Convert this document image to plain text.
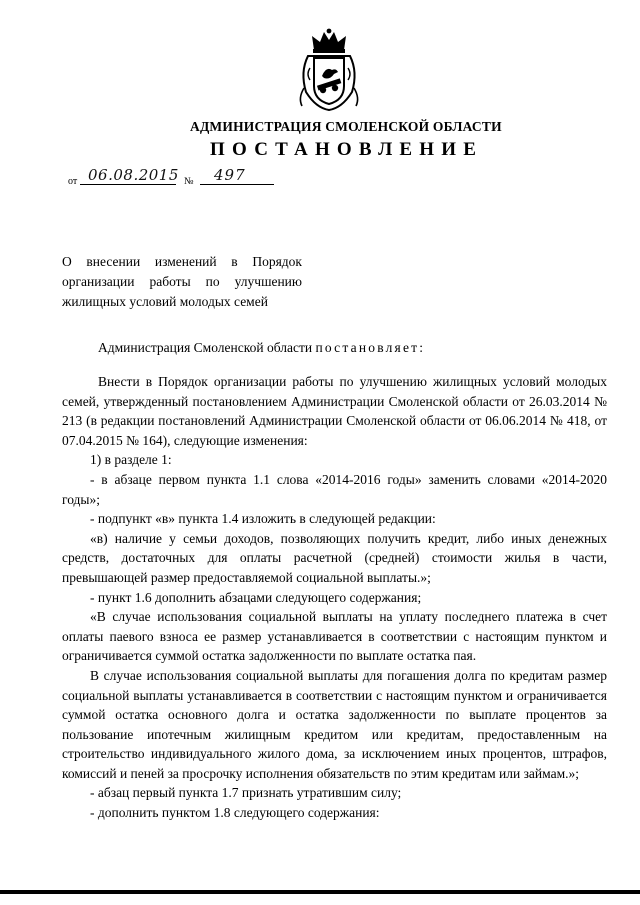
АДМИНИСТРАЦИЯ СМОЛЕНСКОЙ ОБЛАСТИ
ПОСТАНОВЛЕНИЕ
от 06.08.2015 № 497
О внесении изменений в Порядок
организации работы по улучшению
жилищных условий молодых семей
Администрация Смоленской области постановляет:

Внести в Порядок организации работы по улучшению жилищных условий молодых семей, утвержденный постановлением Администрации Смоленской области от 26.03.2014 № 213 (в редакции постановлений Администрации Смоленской области от 06.06.2014 № 418, от 07.04.2015 № 164), следующие изменения:

1) в разделе 1:

- в абзаце первом пункта 1.1 слова «2014-2016 годы» заменить словами «2014-2020 годы»;

- подпункт «в» пункта 1.4 изложить в следующей редакции:

«в) наличие у семьи доходов, позволяющих получить кредит, либо иных денежных средств, достаточных для оплаты расчетной (средней) стоимости жилья в части, превышающей размер предоставляемой социальной выплаты.»;

- пункт 1.6 дополнить абзацами следующего содержания;

«В случае использования социальной выплаты на уплату последнего платежа в счет оплаты паевого взноса ее размер устанавливается в соответствии с настоящим пунктом и ограничивается суммой остатка задолженности по выплате остатка пая.

В случае использования социальной выплаты для погашения долга по кредитам размер социальной выплаты устанавливается в соответствии с настоящим пунктом и ограничивается суммой остатка основного долга и остатка задолженности по выплате процентов за пользование ипотечным жилищным кредитом или кредитам, предоставленным на строительство индивидуального жилого дома, за исключением иных процентов, штрафов, комиссий и пеней за просрочку исполнения обязательств по этим кредитам или займам.»;

- абзац первый пункта 1.7 признать утратившим силу;

- дополнить пунктом 1.8 следующего содержания:
